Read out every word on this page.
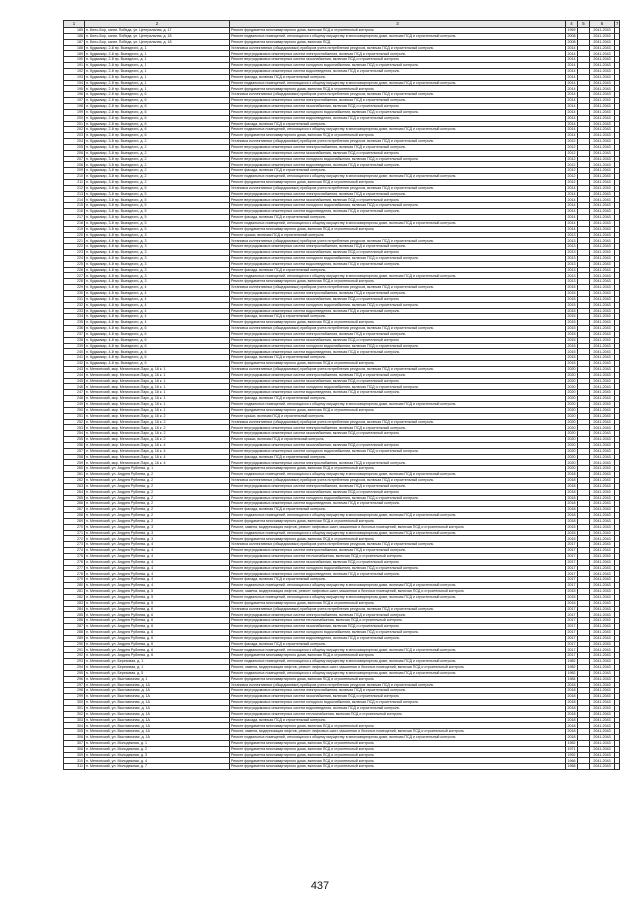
1	2	3	4	5	6	7
185	п. Бело-Бор, санат. Победа, ул. Центральная, д. 17	Ремонт фундамента многоквартирного дома, включая ПСД и строительный контроль	1959		2041-2043	
186	п. Бело-Бор, санат. Победа, ул. Центральная, д. 18	Ремонт подвальных помещений, относящихся к общему имуществу в многоквартирном доме, включая ПСД и строительный контроль	2008		2041-2043	
187	п. Бело-Бор, санат. Победа, ул. Центральная, д. 18	Ремонт фундамента многоквартирного дома, включая ПСД	2008		2041-2043	
188	п. Кудымкар, 2-й пр. Выездного, д. 1	Установка коллективных (общедомовых) приборов учета потребления ресурсов, включая ПСД и строительный контроль	2014		2041-2043	
189	п. Кудымкар, 2-й пр. Выездного, д. 1	Ремонт внутридомовых инженерных систем электроснабжения, включая ПСД и строительный контроль	2014		2041-2043	
190	п. Кудымкар, 2-й пр. Выездного, д. 1	Ремонт внутридомовых инженерных систем газоснабжения, включая ПСД и строительный контроль	2014		2041-2043	
191	п. Кудымкар, 2-й пр. Выездного, д. 1	Ремонт внутридомовых инженерных систем холодного водоснабжения, включая ПСД и строительный контроль	2014		2041-2043	
192	п. Кудымкар, 2-й пр. Выездного, д. 1	Ремонт внутридомовых инженерных систем водоотведения, включая ПСД и строительный контроль	2014		2041-2043	
193	п. Кудымкар, 2-й пр. Выездного, д. 1	Ремонт фасада, включая ПСД и строительный контроль	2014		2041-2043	
194	п. Кудымкар, 2-й пр. Выездного, д. 1	Ремонт подвальных помещений, относящихся к общему имуществу в многоквартирном доме, включая ПСД и строительный контроль	2014		2041-2043	
195	п. Кудымкар, 2-й пр. Выездного, д. 1	Ремонт фундамента многоквартирного дома, включая ПСД и строительный контроль	2014		2041-2043	
196	п. Кудымкар, 2-й пр. Выездного, д. 6	Установка коллективных (общедомовых) приборов учета потребления ресурсов, включая ПСД и строительный контроль	2014		2041-2043	
197	п. Кудымкар, 2-й пр. Выездного, д. 6	Ремонт внутридомовых инженерных систем электроснабжения, включая ПСД и строительный контроль	2014		2041-2043	
198	п. Кудымкар, 2-й пр. Выездного, д. 6	Ремонт внутридомовых инженерных систем газоснабжения, включая ПСД и строительный контроль	2014		2041-2043	
199	п. Кудымкар, 2-й пр. Выездного, д. 6	Ремонт внутридомовых инженерных систем холодного водоснабжения, включая ПСД и строительный контроль	2014		2041-2043	
200	п. Кудымкар, 2-й пр. Выездного, д. 6	Ремонт внутридомовых инженерных систем водоотведения, включая ПСД и строительный контроль	2014		2041-2043	
201	п. Кудымкар, 2-й пр. Выездного, д. 6	Ремонт фасада, включая ПСД и строительный контроль	2014		2041-2043	
202	п. Кудымкар, 2-й пр. Выездного, д. 6	Ремонт подвальных помещений, относящихся к общему имуществу в многоквартирном доме, включая ПСД и строительный контроль	2014		2041-2043	
203	п. Кудымкар, 2-й пр. Выездного, д. 6	Ремонт фундамента многоквартирного дома, включая ПСД и строительный контроль	2014		2041-2043	
204	п. Кудымкар, 3-й пр. Выездного, д. 2	Установка коллективных (общедомовых) приборов учета потребления ресурсов, включая ПСД и строительный контроль	2012		2041-2043	
205	п. Кудымкар, 3-й пр. Выездного, д. 2	Ремонт внутридомовых инженерных систем электроснабжения, включая ПСД и строительный контроль	2012		2041-2043	
206	п. Кудымкар, 3-й пр. Выездного, д. 2	Ремонт внутридомовых инженерных систем газоснабжения, включая ПСД и строительный контроль	2012		2041-2043	
207	п. Кудымкар, 3-й пр. Выездного, д. 2	Ремонт внутридомовых инженерных систем холодного водоснабжения, включая ПСД и строительный контроль	2012		2041-2043	
208	п. Кудымкар, 3-й пр. Выездного, д. 2	Ремонт внутридомовых инженерных систем водоотведения, включая ПСД и строительный контроль	2012		2041-2043	
209	п. Кудымкар, 3-й пр. Выездного, д. 2	Ремонт фасада, включая ПСД и строительный контроль	2012		2041-2043	
210	п. Кудымкар, 3-й пр. Выездного, д. 2	Ремонт подвальных помещений, относящихся к общему имуществу в многоквартирном доме, включая ПСД и строительный контроль	2012		2041-2043	
211	п. Кудымкар, 3-й пр. Выездного, д. 2	Ремонт фундамента многоквартирного дома, включая ПСД и строительный контроль	2012		2041-2043	
212	п. Кудымкар, 3-й пр. Выездного, д. 5	Установка коллективных (общедомовых) приборов учета потребления ресурсов, включая ПСД и строительный контроль	2014		2041-2043	
213	п. Кудымкар, 3-й пр. Выездного, д. 5	Ремонт внутридомовых инженерных систем электроснабжения, включая ПСД и строительный контроль	2014		2041-2043	
214	п. Кудымкар, 3-й пр. Выездного, д. 5	Ремонт внутридомовых инженерных систем газоснабжения, включая ПСД и строительный контроль	2014		2041-2043	
215	п. Кудымкар, 3-й пр. Выездного, д. 5	Ремонт внутридомовых инженерных систем холодного водоснабжения, включая ПСД и строительный контроль	2014		2041-2043	
216	п. Кудымкар, 3-й пр. Выездного, д. 5	Ремонт внутридомовых инженерных систем водоотведения, включая ПСД и строительный контроль	2014		2041-2043	
217	п. Кудымкар, 3-й пр. Выездного, д. 5	Ремонт фасада, включая ПСД и строительный контроль	2014		2041-2043	
218	п. Кудымкар, 3-й пр. Выездного, д. 5	Ремонт подвальных помещений, относящихся к общему имуществу в многоквартирном доме, включая ПСД и строительный контроль	2014		2041-2043	
219	п. Кудымкар, 3-й пр. Выездного, д. 5	Ремонт фундамента многоквартирного дома, включая ПСД и строительный контроль	2014		2041-2043	
220	п. Кудымкар, 4-й пр. Выездного, д. 3	Ремонт крыши, включая ПСД и строительный контроль	2013		2041-2043	
221	п. Кудымкар, 4-й пр. Выездного, д. 3	Установка коллективных (общедомовых) приборов учета потребления ресурсов, включая ПСД и строительный контроль	2013		2041-2043	
222	п. Кудымкар, 4-й пр. Выездного, д. 3	Ремонт внутридомовых инженерных систем электроснабжения, включая ПСД и строительный контроль	2013		2041-2043	
223	п. Кудымкар, 4-й пр. Выездного, д. 3	Ремонт внутридомовых инженерных систем газоснабжения, включая ПСД и строительный контроль	2013		2041-2043	
224	п. Кудымкар, 4-й пр. Выездного, д. 3	Ремонт внутридомовых инженерных систем холодного водоснабжения, включая ПСД и строительный контроль	2013		2041-2043	
225	п. Кудымкар, 4-й пр. Выездного, д. 3	Ремонт внутридомовых инженерных систем водоотведения, включая ПСД и строительный контроль	2013		2041-2043	
226	п. Кудымкар, 4-й пр. Выездного, д. 3	Ремонт фасада, включая ПСД и строительный контроль	2013		2041-2043	
227	п. Кудымкар, 4-й пр. Выездного, д. 3	Ремонт подвальных помещений, относящихся к общему имуществу в многоквартирном доме, включая ПСД и строительный контроль	2013		2041-2043	
228	п. Кудымкар, 4-й пр. Выездного, д. 3	Ремонт фундамента многоквартирного дома, включая ПСД и строительный контроль	2013		2041-2043	
229	п. Кудымкар, 4-й пр. Выездного, д. 4	Установка коллективных (общедомовых) приборов учета потребления ресурсов, включая ПСД и строительный контроль	2015		2041-2043	
230	п. Кудымкар, 4-й пр. Выездного, д. 4	Ремонт внутридомовых инженерных систем электроснабжения, включая ПСД и строительный контроль	2015		2041-2043	
231	п. Кудымкар, 4-й пр. Выездного, д. 4	Ремонт внутридомовых инженерных систем газоснабжения, включая ПСД и строительный контроль	2015		2041-2043	
232	п. Кудымкар, 4-й пр. Выездного, д. 4	Ремонт внутридомовых инженерных систем холодного водоснабжения, включая ПСД и строительный контроль	2015		2041-2043	
233	п. Кудымкар, 4-й пр. Выездного, д. 4	Ремонт внутридомовых инженерных систем водоотведения, включая ПСД и строительный контроль	2015		2041-2043	
234	п. Кудымкар, 4-й пр. Выездного, д. 4	Ремонт фасада, включая ПСД и строительный контроль	2015		2041-2043	
235	п. Кудымкар, 4-й пр. Выездного, д. 4	Ремонт фундамента многоквартирного дома, включая ПСД и строительный контроль	2015		2041-2043	
236	п. Кудымкар, 4-й пр. Выездного, д. 6	Установка коллективных (общедомовых) приборов учета потребления ресурсов, включая ПСД и строительный контроль	2015		2041-2043	
237	п. Кудымкар, 4-й пр. Выездного, д. 6	Ремонт внутридомовых инженерных систем электроснабжения, включая ПСД и строительный контроль	2015		2041-2043	
238	п. Кудымкар, 4-й пр. Выездного, д. 6	Ремонт внутридомовых инженерных систем газоснабжения, включая ПСД и строительный контроль	2015		2041-2043	
239	п. Кудымкар, 4-й пр. Выездного, д. 6	Ремонт внутридомовых инженерных систем холодного водоснабжения, включая ПСД и строительный контроль	2015		2041-2043	
240	п. Кудымкар, 4-й пр. Выездного, д. 6	Ремонт внутридомовых инженерных систем водоотведения, включая ПСД и строительный контроль	2015		2041-2043	
241	п. Кудымкар, 4-й пр. Выездного, д. 6	Ремонт фасада, включая ПСД и строительный контроль	2015		2041-2043	
242	п. Кудымкар, 4-й пр. Выездного, д. 6	Ремонт фундамента многоквартирного дома, включая ПСД и строительный контроль	2015		2041-2043	
243	п. Мегионский, мкр. Мегионское-Парк, д. 16 к. 1	Установка коллективных (общедомовых) приборов учета потребления ресурсов, включая ПСД и строительный контроль	2020		2041-2043	
244	п. Мегионский, мкр. Мегионское-Парк, д. 16 к. 1	Ремонт внутридомовых инженерных систем электроснабжения, включая ПСД и строительный контроль	2020		2041-2043	
245	п. Мегионский, мкр. Мегионское-Парк, д. 16 к. 1	Ремонт внутридомовых инженерных систем газоснабжения, включая ПСД и строительный контроль	2020		2041-2043	
246	п. Мегионский, мкр. Мегионское-Парк, д. 16 к. 1	Ремонт внутридомовых инженерных систем холодного водоснабжения, включая ПСД и строительный контроль	2020		2041-2043	
247	п. Мегионский, мкр. Мегионское-Парк, д. 16 к. 1	Ремонт внутридомовых инженерных систем водоотведения, включая ПСД и строительный контроль	2020		2041-2043	
248	п. Мегионский, мкр. Мегионское-Парк, д. 16 к. 1	Ремонт фасада, включая ПСД и строительный контроль	2020		2041-2043	
249	п. Мегионский, мкр. Мегионское-Парк, д. 16 к. 1	Ремонт подвальных помещений, относящихся к общему имуществу в многоквартирном доме, включая ПСД и строительный контроль	2020		2041-2043	
250	п. Мегионский, мкр. Мегионское-Парк, д. 16 к. 1	Ремонт фундамента многоквартирного дома, включая ПСД и строительный контроль	2020		2041-2043	
251	п. Мегионский, мкр. Мегионское-Парк, д. 16 к. 2	Ремонт крыши, включая ПСД и строительный контроль	2020		2041-2043	
252	п. Мегионский, мкр. Мегионское-Парк, д. 16 к. 2	Установка коллективных (общедомовых) приборов учета потребления ресурсов, включая ПСД и строительный контроль	2020		2041-2043	
253	п. Мегионский, мкр. Мегионское-Парк, д. 16 к. 2	Ремонт внутридомовых инженерных систем электроснабжения, включая ПСД и строительный контроль	2020		2041-2043	
254	п. Мегионский, мкр. Мегионское-Парк, д. 16 к. 2	Ремонт внутридомовых инженерных систем газоснабжения, включая ПСД и строительный контроль	2020		2041-2043	
255	п. Мегионский, мкр. Мегионское-Парк, д. 16 к. 2	Ремонт крыши, включая ПСД и строительный контроль	2020		2041-2043	
256	п. Мегионский, мкр. Мегионское-Парк, д. 16 к. 4	Ремонт внутридомовых инженерных систем газоснабжения, включая ПСД и строительный контроль	2020		2041-2043	
257	п. Мегионский, мкр. Мегионское-Парк, д. 16 к. 4	Ремонт внутридомовых инженерных систем холодного водоснабжения, включая ПСД и строительный контроль	2020		2041-2043	
258	п. Мегионский, мкр. Мегионское-Парк, д. 16 к. 4	Ремонт фасада, включая ПСД и строительный контроль	2020		2041-2043	
259	п. Мегионский, мкр. Мегионское-Парк, д. 16 к. 4	Ремонт внутридомовых инженерных систем электроснабжения, включая ПСД и строительный контроль	2020		2041-2043	
260	п. Мегионский, ул. Андрея Рублева, д. 1	Ремонт фундамента многоквартирного дома, включая ПСД и строительный контроль	2020		2041-2043	
261	п. Мегионский, ул. Андрея Рублева, д. 2	Ремонт подвальных помещений, относящихся к общему имуществу в многоквартирном доме, включая ПСД и строительный контроль	2018		2041-2043	
262	п. Мегионский, ул. Андрея Рублева, д. 2	Установка коллективных (общедомовых) приборов учета потребления ресурсов, включая ПСД и строительный контроль	2018		2041-2043	
263	п. Мегионский, ул. Андрея Рублева, д. 2	Ремонт внутридомовых инженерных систем электроснабжения, включая ПСД и строительный контроль	2018		2041-2043	
264	п. Мегионский, ул. Андрея Рублева, д. 2	Ремонт внутридомовых инженерных систем газоснабжения, включая ПСД и строительный контроль	2018		2041-2043	
265	п. Мегионский, ул. Андрея Рублева, д. 2	Ремонт внутридомовых инженерных систем холодного водоснабжения, включая ПСД и строительный контроль	2018		2041-2043	
266	п. Мегионский, ул. Андрея Рублева, д. 2	Ремонт внутридомовых инженерных систем водоотведения, включая ПСД и строительный контроль	2018		2041-2043	
267	п. Мегионский, ул. Андрея Рублева, д. 2	Ремонт фасада, включая ПСД и строительный контроль	2018		2041-2043	
268	п. Мегионский, ул. Андрея Рублева, д. 2	Ремонт подвальных помещений, относящихся к общему имуществу в многоквартирном доме, включая ПСД и строительный контроль	2018		2041-2043	
269	п. Мегионский, ул. Андрея Рублева, д. 2	Ремонт фундамента многоквартирного дома, включая ПСД и строительный контроль	2018		2041-2043	
270	п. Мегионский, ул. Андрея Рублева, д. 3	Ремонт, замена, модернизация лифтов, ремонт лифтовых шахт, машинных и блочных помещений, включая ПСД и строительный контроль	2015		2041-2043	
271	п. Мегионский, ул. Андрея Рублева, д. 3	Ремонт подвальных помещений, относящихся к общему имуществу в многоквартирном доме, включая ПСД и строительный контроль	2015		2041-2043	
272	п. Мегионский, ул. Андрея Рублева, д. 3	Ремонт фундамента многоквартирного дома, включая ПСД и строительный контроль	2015		2041-2043	
273	п. Мегионский, ул. Андрея Рублева, д. 4	Установка коллективных (общедомовых) приборов учета потребления ресурсов, включая ПСД и строительный контроль	2017		2041-2043	
274	п. Мегионский, ул. Андрея Рублева, д. 4	Ремонт внутридомовых инженерных систем электроснабжения, включая ПСД и строительный контроль	2017		2041-2043	
275	п. Мегионский, ул. Андрея Рублева, д. 4	Ремонт внутридомовых инженерных систем теплоснабжения, включая ПСД и строительный контроль	2017		2041-2043	
276	п. Мегионский, ул. Андрея Рублева, д. 4	Ремонт внутридомовых инженерных систем газоснабжения, включая ПСД и строительный контроль	2017		2041-2043	
277	п. Мегионский, ул. Андрея Рублева, д. 4	Ремонт внутридомовых инженерных систем холодного водоснабжения, включая ПСД и строительный контроль	2017		2041-2043	
278	п. Мегионский, ул. Андрея Рублева, д. 4	Ремонт внутридомовых инженерных систем водоотведения, включая ПСД и строительный контроль	2017		2041-2043	
279	п. Мегионский, ул. Андрея Рублева, д. 4	Ремонт фасада, включая ПСД и строительный контроль	2017		2041-2043	
280	п. Мегионский, ул. Андрея Рублева, д. 4	Ремонт подвальных помещений, относящихся к общему имуществу в многоквартирном доме, включая ПСД и строительный контроль	2017		2041-2043	
281	п. Мегионский, ул. Андрея Рублева, д. 5	Ремонт, замена, модернизация лифтов, ремонт лифтовых шахт, машинных и блочных помещений, включая ПСД и строительный контроль	2015		2041-2043	
282	п. Мегионский, ул. Андрея Рублева, д. 5	Ремонт подвальных помещений, относящихся к общему имуществу в многоквартирном доме, включая ПСД и строительный контроль	2015		2041-2043	
283	п. Мегионский, ул. Андрея Рублева, д. 5	Ремонт фундамента многоквартирного дома, включая ПСД и строительный контроль	2015		2041-2043	
284	п. Мегионский, ул. Андрея Рублева, д. 6	Установка коллективных (общедомовых) приборов учета потребления ресурсов, включая ПСД и строительный контроль	2017		2041-2043	
285	п. Мегионский, ул. Андрея Рублева, д. 6	Ремонт внутридомовых инженерных систем электроснабжения, включая ПСД и строительный контроль	2017		2041-2043	
286	п. Мегионский, ул. Андрея Рублева, д. 6	Ремонт внутридомовых инженерных систем теплоснабжения, включая ПСД и строительный контроль	2017		2041-2043	
287	п. Мегионский, ул. Андрея Рублева, д. 6	Ремонт внутридомовых инженерных систем газоснабжения, включая ПСД и строительный контроль	2017		2041-2043	
288	п. Мегионский, ул. Андрея Рублева, д. 6	Ремонт внутридомовых инженерных систем холодного водоснабжения, включая ПСД и строительный контроль	2017		2041-2043	
289	п. Мегионский, ул. Андрея Рублева, д. 6	Ремонт внутридомовых инженерных систем водоотведения, включая ПСД и строительный контроль	2017		2041-2043	
290	п. Мегионский, ул. Андрея Рублева, д. 6	Ремонт фасада, включая ПСД и строительный контроль	2017		2041-2043	
291	п. Мегионский, ул. Андрея Рублева, д. 6	Ремонт подвальных помещений, относящихся к общему имуществу в многоквартирном доме, включая ПСД и строительный контроль	2017		2041-2043	
292	п. Мегионский, ул. Андрея Рублева, д. 6	Ремонт фундамента многоквартирного дома, включая ПСД и строительный контроль	2017		2041-2043	
293	п. Мегионский, ул. Березовая, д. 1	Ремонт подвальных помещений, относящихся к общему имуществу в многоквартирном доме, включая ПСД и строительный контроль	1982		2041-2043	
294	п. Мегионский, ул. Березовая, д. 1	Ремонт, замена, модернизация лифтов, ремонт лифтовых шахт, машинных и блочных помещений, включая ПСД и строительный контроль	1982		2041-2043	
295	п. Мегионский, ул. Березовая, д. 5	Ремонт подвальных помещений, относящихся к общему имуществу в многоквартирном доме, включая ПСД и строительный контроль	1982		2041-2043	
296	п. Мегионский, ул. Выставочная, д. 1	Ремонт фундамента многоквартирного дома, включая ПСД и строительный контроль	1984		2041-2043	
297	п. Мегионский, ул. Выставочная, д. 1А	Установка коллективных (общедомовых) приборов учета потребления ресурсов, включая ПСД и строительный контроль	2018		2041-2043	
298	п. Мегионский, ул. Выставочная, д. 1А	Ремонт внутридомовых инженерных систем электроснабжения, включая ПСД и строительный контроль	2018		2041-2043	
299	п. Мегионский, ул. Выставочная, д. 1А	Ремонт внутридомовых инженерных систем газоснабжения, включая ПСД и строительный контроль	2018		2041-2043	
300	п. Мегионский, ул. Выставочная, д. 1А	Ремонт внутридомовых инженерных систем холодного водоснабжения, включая ПСД и строительный контроль	2018		2041-2043	
301	п. Мегионский, ул. Выставочная, д. 1А	Ремонт внутридомовых инженерных систем водоотведения, включая ПСД и строительный контроль	2018		2041-2043	
302	п. Мегионский, ул. Выставочная, д. 1А	Ремонт внутридомовых инженерных систем теплоснабжения, включая ПСД и строительный контроль	2018		2041-2043	
303	п. Мегионский, ул. Выставочная, д. 1А	Ремонт фасада, включая ПСД и строительный контроль	2018		2041-2043	
304	п. Мегионский, ул. Выставочная, д. 1А	Ремонт фундамента многоквартирного дома, включая ПСД и строительный контроль	2018		2041-2043	
305	п. Мегионский, ул. Выставочная, д. 1А	Ремонт, замена, модернизация лифтов, ремонт лифтовых шахт, машинных и блочных помещений, включая ПСД и строительный контроль	2018		2041-2043	
306	п. Мегионский, ул. Выставочная, д. 1А	Ремонт подвальных помещений, относящихся к общему имуществу в многоквартирном доме, включая ПСД и строительный контроль	2018		2041-2043	
307	п. Мегионский, ул. Молодежная, д. 1	Ремонт фундамента многоквартирного дома, включая ПСД и строительный контроль	1982		2041-2043	
308	п. Мегионский, ул. Молодежная, д. 2	Ремонт фундамента многоквартирного дома, включая ПСД и строительный контроль	1971		2041-2043	
309	п. Мегионский, ул. Молодежная, д. 3	Ремонт фундамента многоквартирного дома, включая ПСД и строительный контроль	1992		2041-2043	
310	п. Мегионский, ул. Молодежная, д. 4	Ремонт фундамента многоквартирного дома, включая ПСД и строительный контроль	1966		2041-2043	
311	п. Мегионский, ул. Молодежная, д. 7	Ремонт фундамента многоквартирного дома, включая ПСД и строительный контроль	1968		2041-2043	
437
